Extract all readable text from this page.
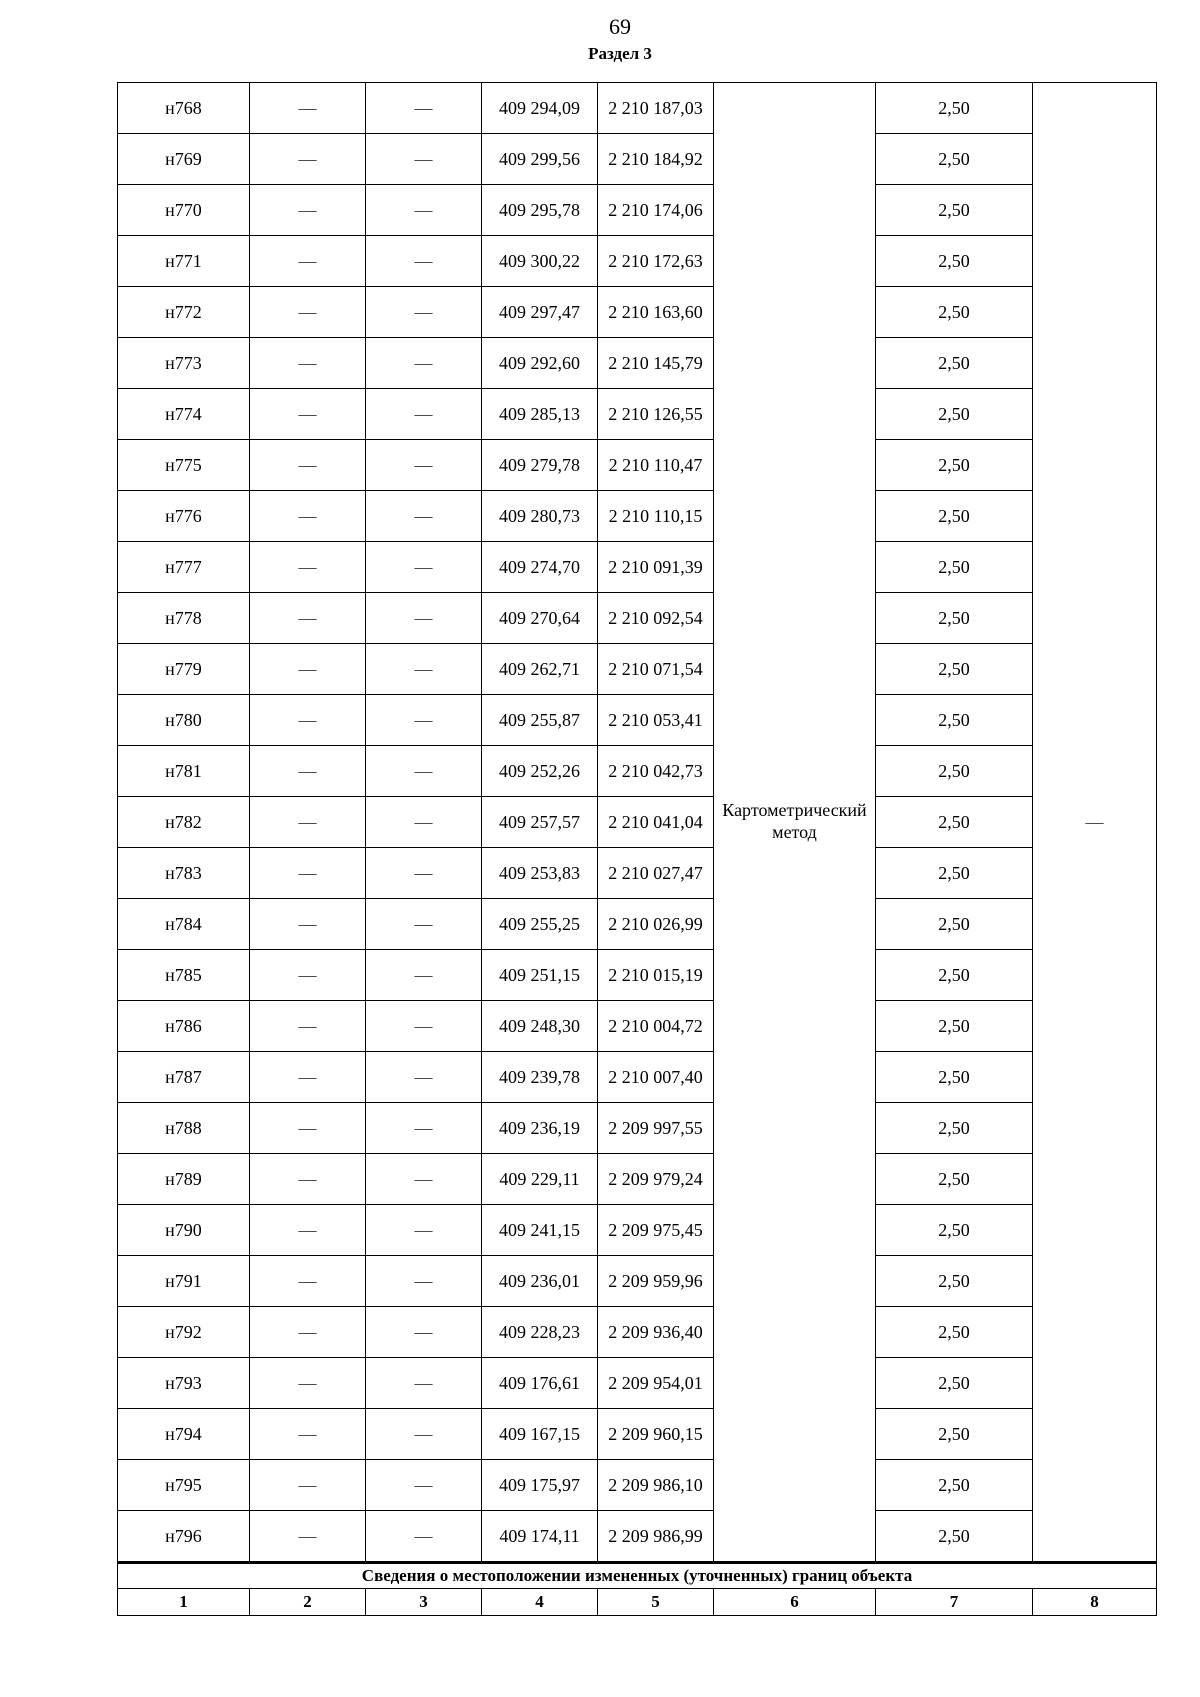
69
Раздел 3
н768	—	—	409 294,09	2 210 187,03	Картометрический метод	2,50	—
н769	—	—	409 299,56	2 210 184,92		2,50	
н770	—	—	409 295,78	2 210 174,06		2,50	
н771	—	—	409 300,22	2 210 172,63		2,50	
н772	—	—	409 297,47	2 210 163,60		2,50	
н773	—	—	409 292,60	2 210 145,79		2,50	
н774	—	—	409 285,13	2 210 126,55		2,50	
н775	—	—	409 279,78	2 210 110,47		2,50	
н776	—	—	409 280,73	2 210 110,15		2,50	
н777	—	—	409 274,70	2 210 091,39		2,50	
н778	—	—	409 270,64	2 210 092,54		2,50	
н779	—	—	409 262,71	2 210 071,54		2,50	
н780	—	—	409 255,87	2 210 053,41		2,50	
н781	—	—	409 252,26	2 210 042,73		2,50	
н782	—	—	409 257,57	2 210 041,04		2,50	
н783	—	—	409 253,83	2 210 027,47		2,50	
н784	—	—	409 255,25	2 210 026,99		2,50	
н785	—	—	409 251,15	2 210 015,19		2,50	
н786	—	—	409 248,30	2 210 004,72		2,50	
н787	—	—	409 239,78	2 210 007,40		2,50	
н788	—	—	409 236,19	2 209 997,55		2,50	
н789	—	—	409 229,11	2 209 979,24		2,50	
н790	—	—	409 241,15	2 209 975,45		2,50	
н791	—	—	409 236,01	2 209 959,96		2,50	
н792	—	—	409 228,23	2 209 936,40		2,50	
н793	—	—	409 176,61	2 209 954,01		2,50	
н794	—	—	409 167,15	2 209 960,15		2,50	
н795	—	—	409 175,97	2 209 986,10		2,50	
н796	—	—	409 174,11	2 209 986,99		2,50	
Сведения о местоположении измененных (уточненных) границ объекта							
1	2	3	4	5	6	7	8
